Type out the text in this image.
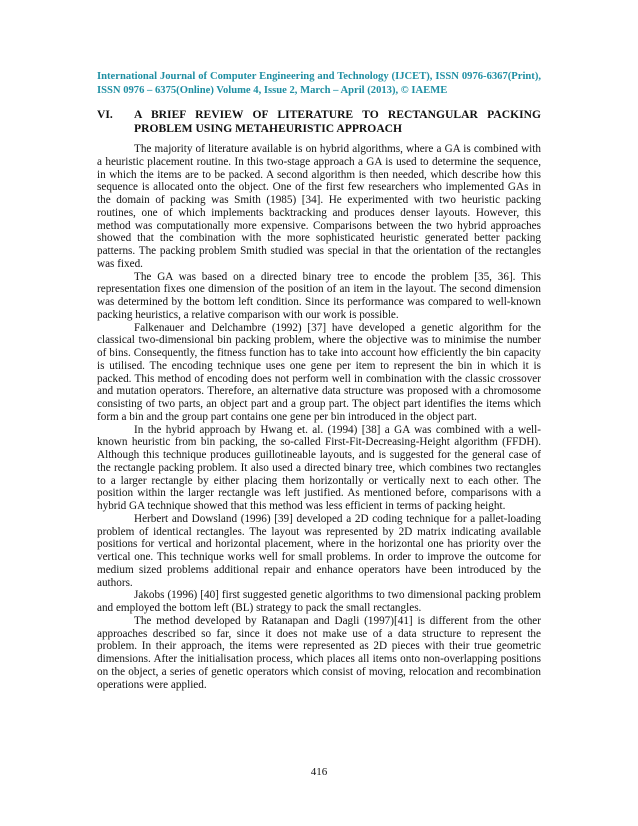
International Journal of Computer Engineering and Technology (IJCET), ISSN 0976-6367(Print), ISSN 0976 – 6375(Online) Volume 4, Issue 2, March – April (2013), © IAEME
VI. A BRIEF REVIEW OF LITERATURE TO RECTANGULAR PACKING PROBLEM USING METAHEURISTIC APPROACH

The majority of literature available is on hybrid algorithms, where a GA is combined with a heuristic placement routine. In this two-stage approach a GA is used to determine the sequence, in which the items are to be packed. A second algorithm is then needed, which describe how this sequence is allocated onto the object. One of the first few researchers who implemented GAs in the domain of packing was Smith (1985) [34]. He experimented with two heuristic packing routines, one of which implements backtracking and produces denser layouts. However, this method was computationally more expensive. Comparisons between the two hybrid approaches showed that the combination with the more sophisticated heuristic generated better packing patterns. The packing problem Smith studied was special in that the orientation of the rectangles was fixed.

The GA was based on a directed binary tree to encode the problem [35, 36]. This representation fixes one dimension of the position of an item in the layout. The second dimension was determined by the bottom left condition. Since its performance was compared to well-known packing heuristics, a relative comparison with our work is possible.

Falkenauer and Delchambre (1992) [37] have developed a genetic algorithm for the classical two-dimensional bin packing problem, where the objective was to minimise the number of bins. Consequently, the fitness function has to take into account how efficiently the bin capacity is utilised. The encoding technique uses one gene per item to represent the bin in which it is packed. This method of encoding does not perform well in combination with the classic crossover and mutation operators. Therefore, an alternative data structure was proposed with a chromosome consisting of two parts, an object part and a group part. The object part identifies the items which form a bin and the group part contains one gene per bin introduced in the object part.

In the hybrid approach by Hwang et. al. (1994) [38] a GA was combined with a well-known heuristic from bin packing, the so-called First-Fit-Decreasing-Height algorithm (FFDH). Although this technique produces guillotineable layouts, and is suggested for the general case of the rectangle packing problem. It also used a directed binary tree, which combines two rectangles to a larger rectangle by either placing them horizontally or vertically next to each other. The position within the larger rectangle was left justified. As mentioned before, comparisons with a hybrid GA technique showed that this method was less efficient in terms of packing height.

Herbert and Dowsland (1996) [39] developed a 2D coding technique for a pallet-loading problem of identical rectangles. The layout was represented by 2D matrix indicating available positions for vertical and horizontal placement, where in the horizontal one has priority over the vertical one. This technique works well for small problems. In order to improve the outcome for medium sized problems additional repair and enhance operators have been introduced by the authors.

Jakobs (1996) [40] first suggested genetic algorithms to two dimensional packing problem and employed the bottom left (BL) strategy to pack the small rectangles.

The method developed by Ratanapan and Dagli (1997)[41] is different from the other approaches described so far, since it does not make use of a data structure to represent the problem. In their approach, the items were represented as 2D pieces with their true geometric dimensions. After the initialisation process, which places all items onto non-overlapping positions on the object, a series of genetic operators which consist of moving, relocation and recombination operations were applied.

416
